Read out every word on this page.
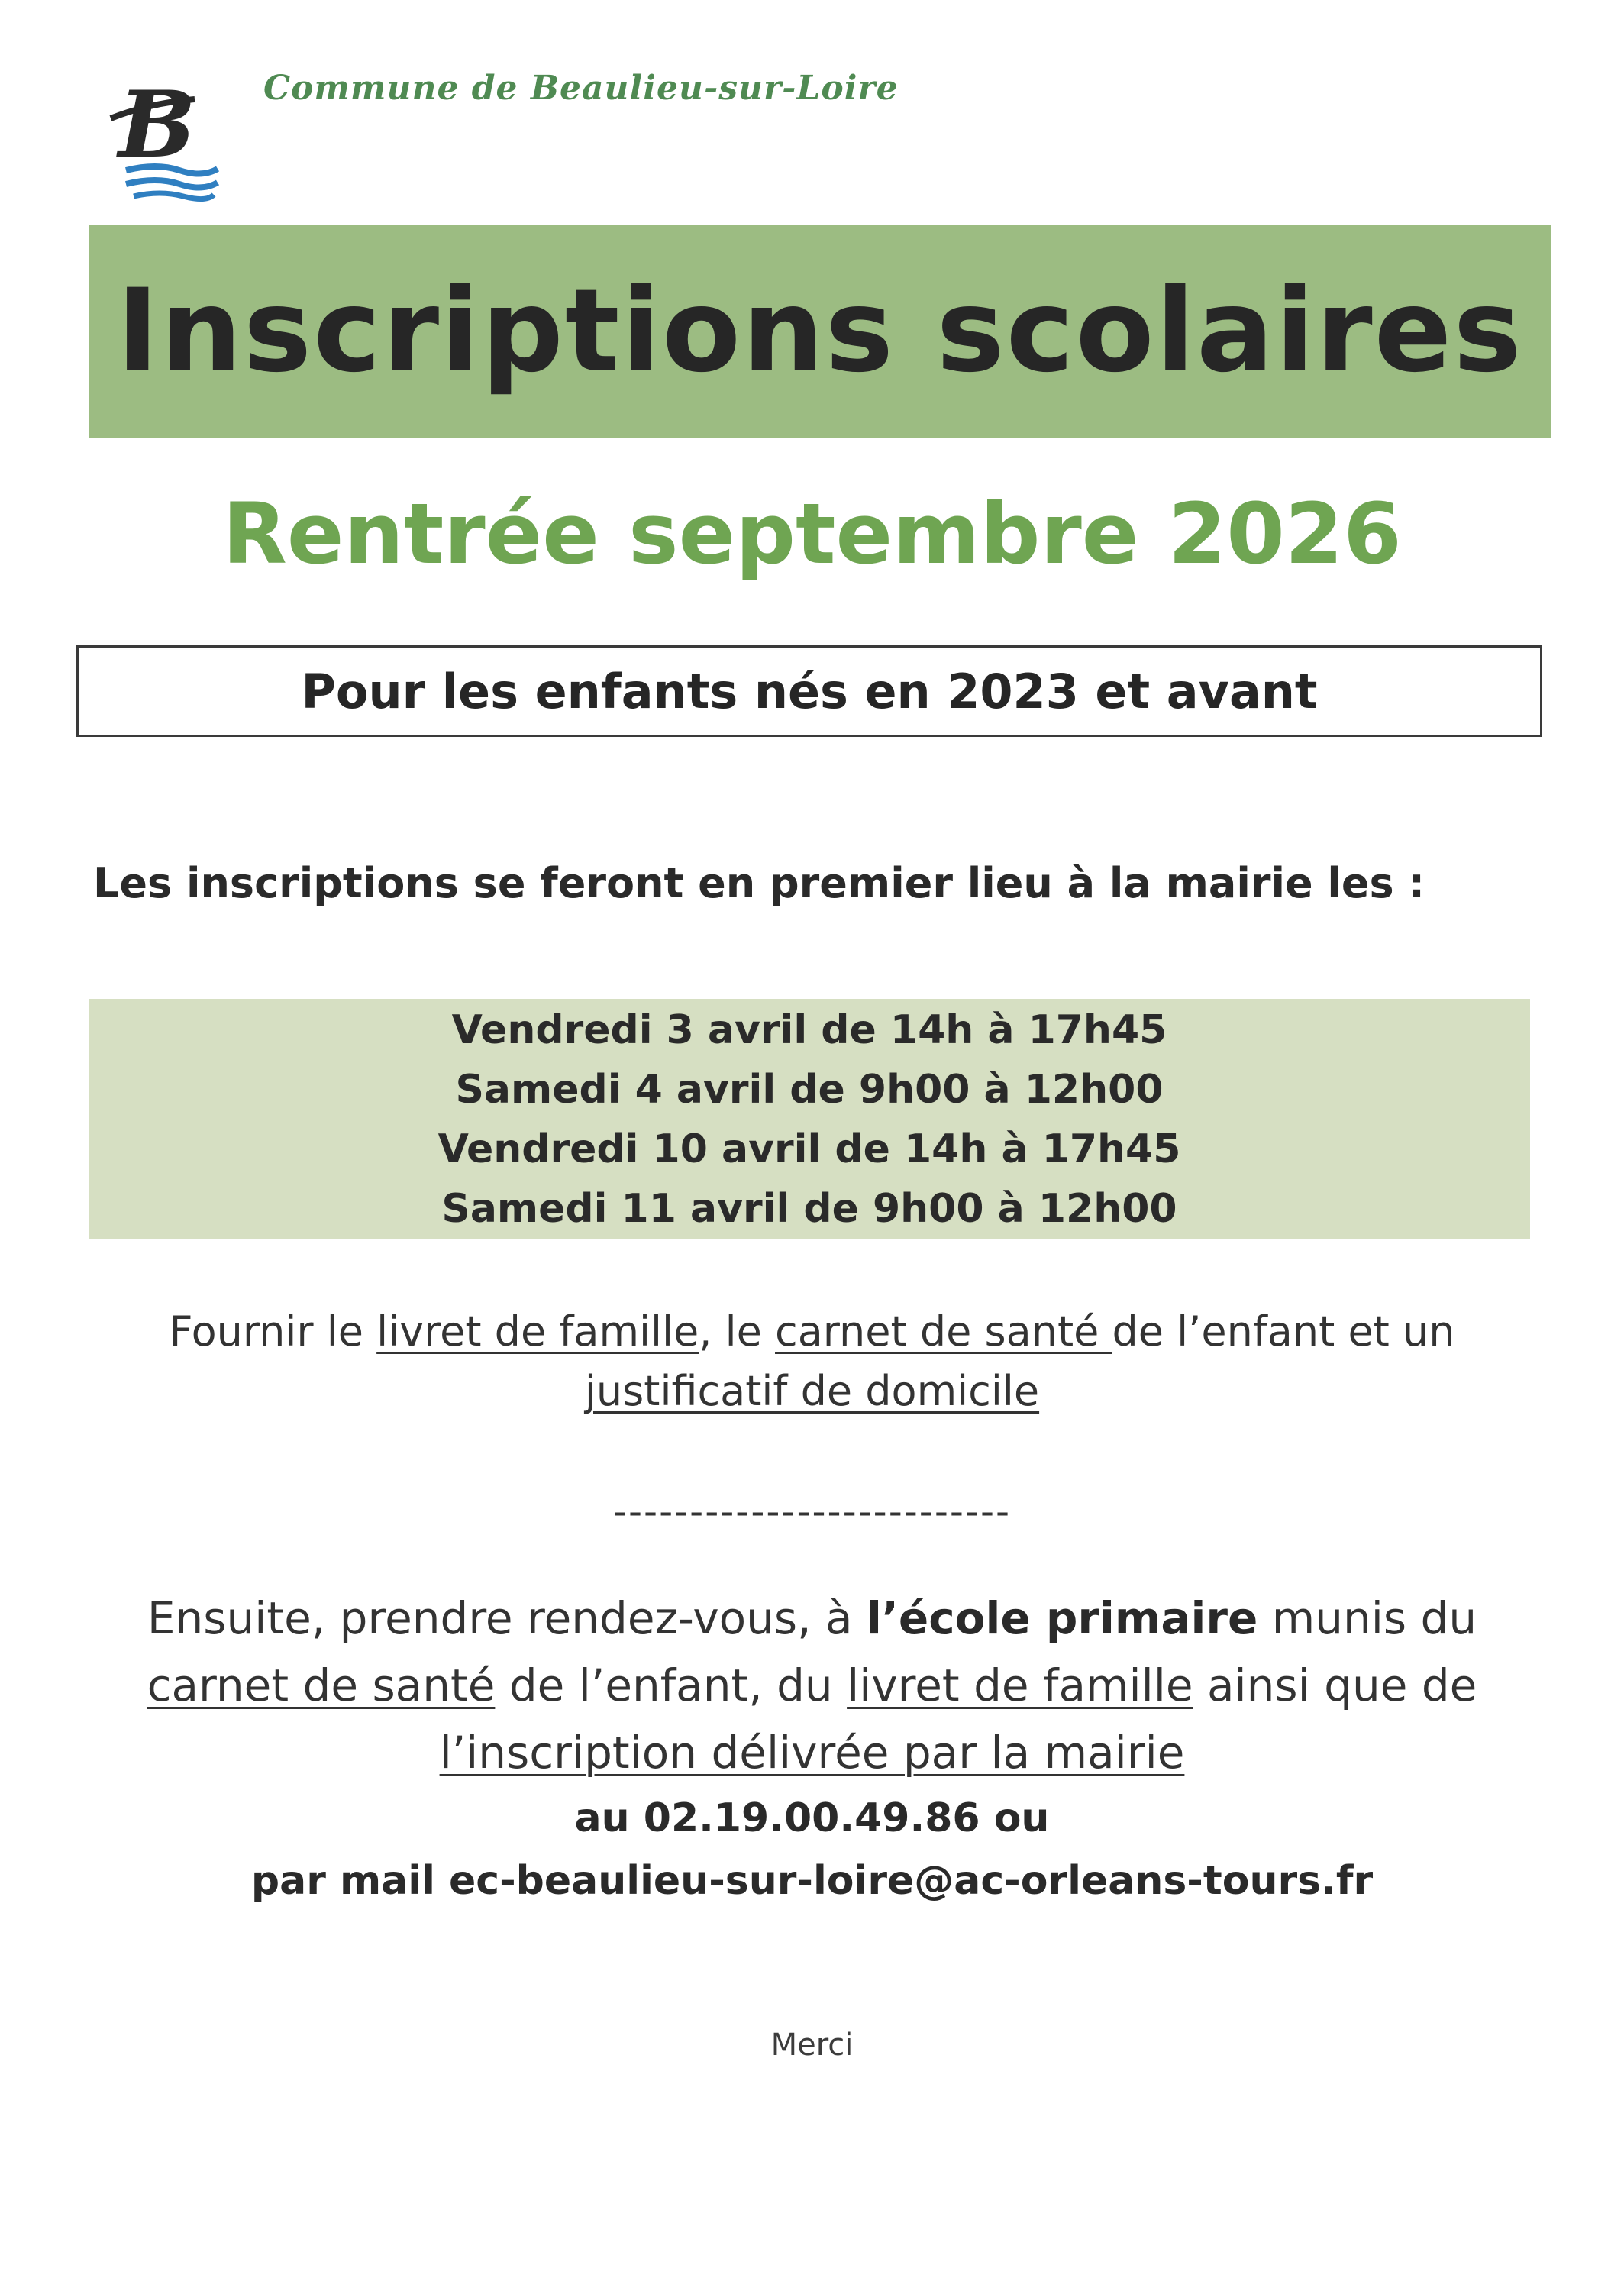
B Commune de Beaulieu-sur-Loire
Inscriptions scolaires
Rentrée septembre 2026
Pour les enfants nés en 2023 et avant
Les inscriptions se feront en premier lieu à la mairie les :
Vendredi 3 avril de 14h à 17h45
Samedi 4 avril de 9h00 à 12h00
Vendredi 10 avril de 14h à 17h45
Samedi 11 avril de 9h00 à 12h00
Fournir le livret de famille, le carnet de santé de l’enfant et un
justificatif de domicile
--------------------------
Ensuite, prendre rendez-vous, à l’école primaire munis du
carnet de santé de l’enfant, du livret de famille ainsi que de
l’inscription délivrée par la mairie
au 02.19.00.49.86 ou
par mail ec-beaulieu-sur-loire@ac-orleans-tours.fr
Merci
